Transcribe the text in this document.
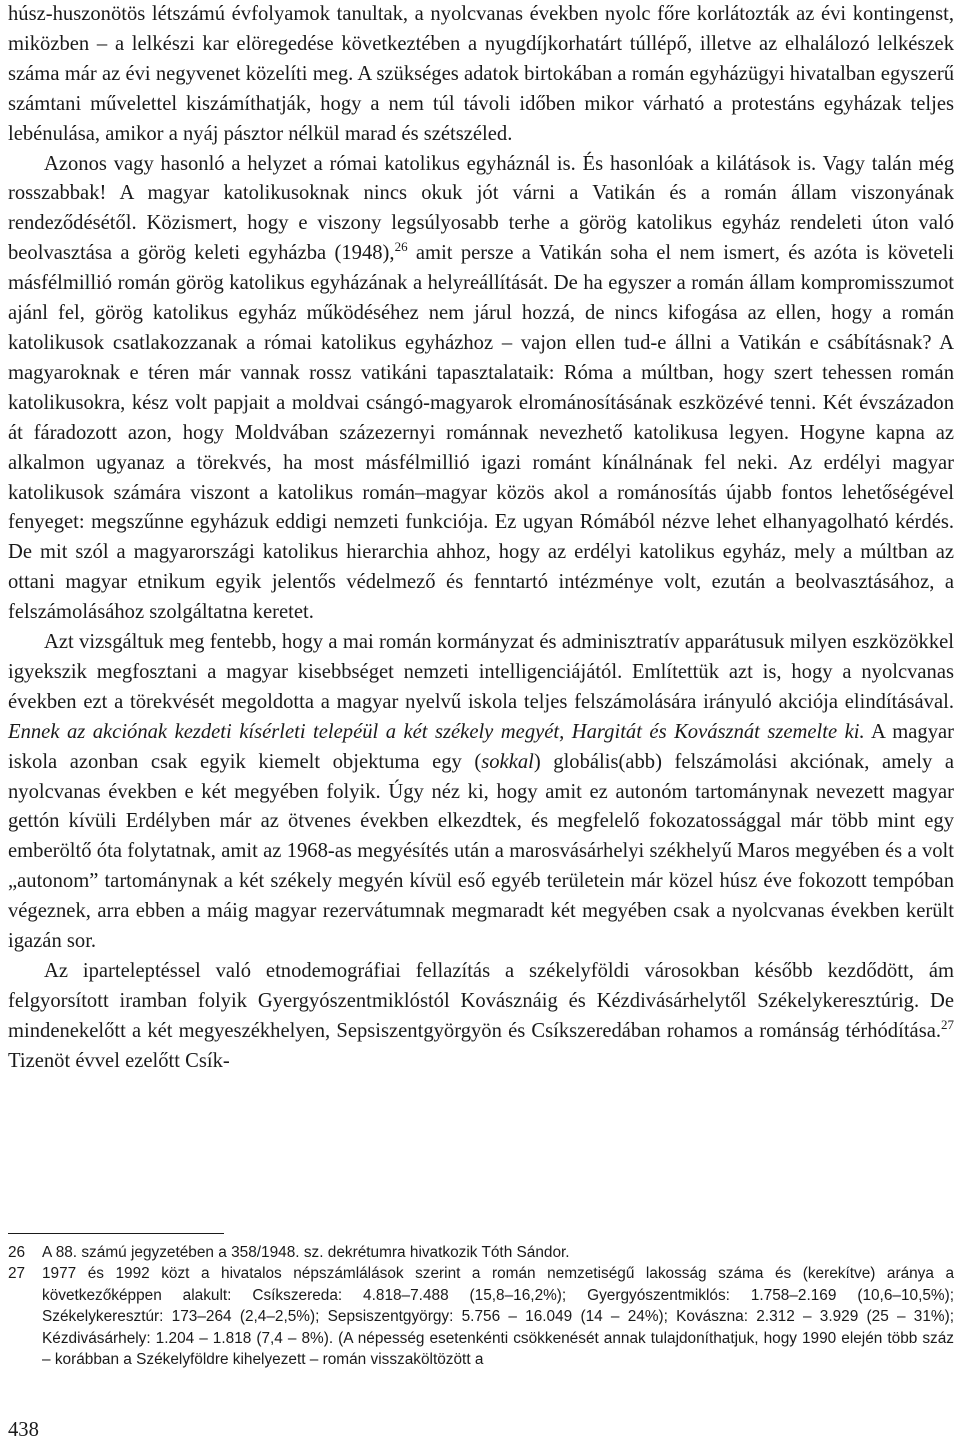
húsz-huszonötös létszámú évfolyamok tanultak, a nyolcvanas években nyolc főre korlátozták az évi kontingenst, miközben – a lelkészi kar elöregedése következtében a nyugdíjkorhatárt túllépő, illetve az elhalálozó lelkészek száma már az évi negyvenet közelíti meg. A szükséges adatok birtokában a román egyházügyi hivatalban egyszerű számtani művelettel kiszámíthatják, hogy a nem túl távoli időben mikor várható a protestáns egyházak teljes lebénulása, amikor a nyáj pásztor nélkül marad és szétszéled.

Azonos vagy hasonló a helyzet a római katolikus egyháznál is. És hasonlóak a kilátások is. Vagy talán még rosszabbak! A magyar katolikusoknak nincs okuk jót várni a Vatikán és a román állam viszonyának rendeződésétől. Közismert, hogy e viszony legsúlyosabb terhe a görög katolikus egyház rendeleti úton való beolvasztása a görög keleti egyházba (1948),$^{26}$ amit persze a Vatikán soha el nem ismert, és azóta is követeli másfélmillió román görög katolikus egyházának a helyreállítását. De ha egyszer a román állam kompromisszumot ajánl fel, görög katolikus egyház működéséhez nem járul hozzá, de nincs kifogása az ellen, hogy a román katolikusok csatlakozzanak a római katolikus egyházhoz – vajon ellen tud-e állni a Vatikán e csábításnak? A magyaroknak e téren már vannak rossz vatikáni tapasztalataik: Róma a múltban, hogy szert tehessen román katolikusokra, kész volt papjait a moldvai csángó-magyarok elrománosításának eszközévé tenni. Két évszázadon át fáradozott azon, hogy Moldvában százezernyi románnak nevezhető katolikusa legyen. Hogyne kapna az alkalmon ugyanaz a törekvés, ha most másfélmillió igazi románt kínálnának fel neki. Az erdélyi magyar katolikusok számára viszont a katolikus román–magyar közös akol a románosítás újabb fontos lehetőségével fenyeget: megszűnne egyházuk eddigi nemzeti funkciója. Ez ugyan Rómából nézve lehet elhanyagolható kérdés. De mit szól a magyarországi katolikus hierarchia ahhoz, hogy az erdélyi katolikus egyház, mely a múltban az ottani magyar etnikum egyik jelentős védelmező és fenntartó intézménye volt, ezután a beolvasztásához, a felszámolásához szolgáltatna keretet.

Azt vizsgáltuk meg fentebb, hogy a mai román kormányzat és adminisztratív apparátusuk milyen eszközökkel igyekszik megfosztani a magyar kisebbséget nemzeti intelligenciájától. Említettük azt is, hogy a nyolcvanas években ezt a törekvését megoldotta a magyar nyelvű iskola teljes felszámolására irányuló akciója elindításával. Ennek az akciónak kezdeti kísérleti telepéül a két székely megyét, Hargitát és Kovásznát szemelte ki. A magyar iskola azonban csak egyik kiemelt objektuma egy (sokkal) globális(abb) felszámolási akciónak, amely a nyolcvanas években e két megyében folyik. Úgy néz ki, hogy amit ez autonóm tartománynak nevezett magyar gettón kívüli Erdélyben már az ötvenes években elkezdtek, és megfelelő fokozatossággal már több mint egy emberöltő óta folytatnak, amit az 1968-as megyésítés után a marosvásárhelyi székhelyű Maros megyében és a volt „autonom” tartománynak a két székely megyén kívül eső egyéb területein már közel húsz éve fokozott tempóban végeznek, arra ebben a máig magyar rezervátumnak megmaradt két megyében csak a nyolcvanas években került igazán sor.

Az iparteleptéssel való etnodemográfiai fellazítás a székelyföldi városokban később kezdődött, ám felgyorsított iramban folyik Gyergyószentmiklóstól Kovásznáig és Kézdivásárhelytől Székelykeresztúrig. De mindenekelőtt a két megyeszékhelyen, Sepsiszentgyörgyön és Csíkszeredában rohamos a románság térhódítása.$^{27}$ Tizenöt évvel ezelőtt Csík-

26 A 88. számú jegyzetében a 358/1948. sz. dekrétumra hivatkozik Tóth Sándor.
27 1977 és 1992 közt a hivatalos népszámlálások szerint a román nemzetiségű lakosság száma és (kerekítve) aránya a következőképpen alakult: Csíkszereda: 4.818–7.488 (15,8–16,2%); Gyergyószentmiklós: 1.758–2.169 (10,6–10,5%); Székelykeresztúr: 173–264 (2,4–2,5%); Sepsiszentgyörgy: 5.756 – 16.049 (14 – 24%); Kovászna: 2.312 – 3.929 (25 – 31%); Kézdivásárhely: 1.204 – 1.818 (7,4 – 8%). (A népesség esetenkénti csökkenését annak tulajdoníthatjuk, hogy 1990 elején több száz – korábban a Székelyföldre kihelyezett – román visszaköltözött a
438
